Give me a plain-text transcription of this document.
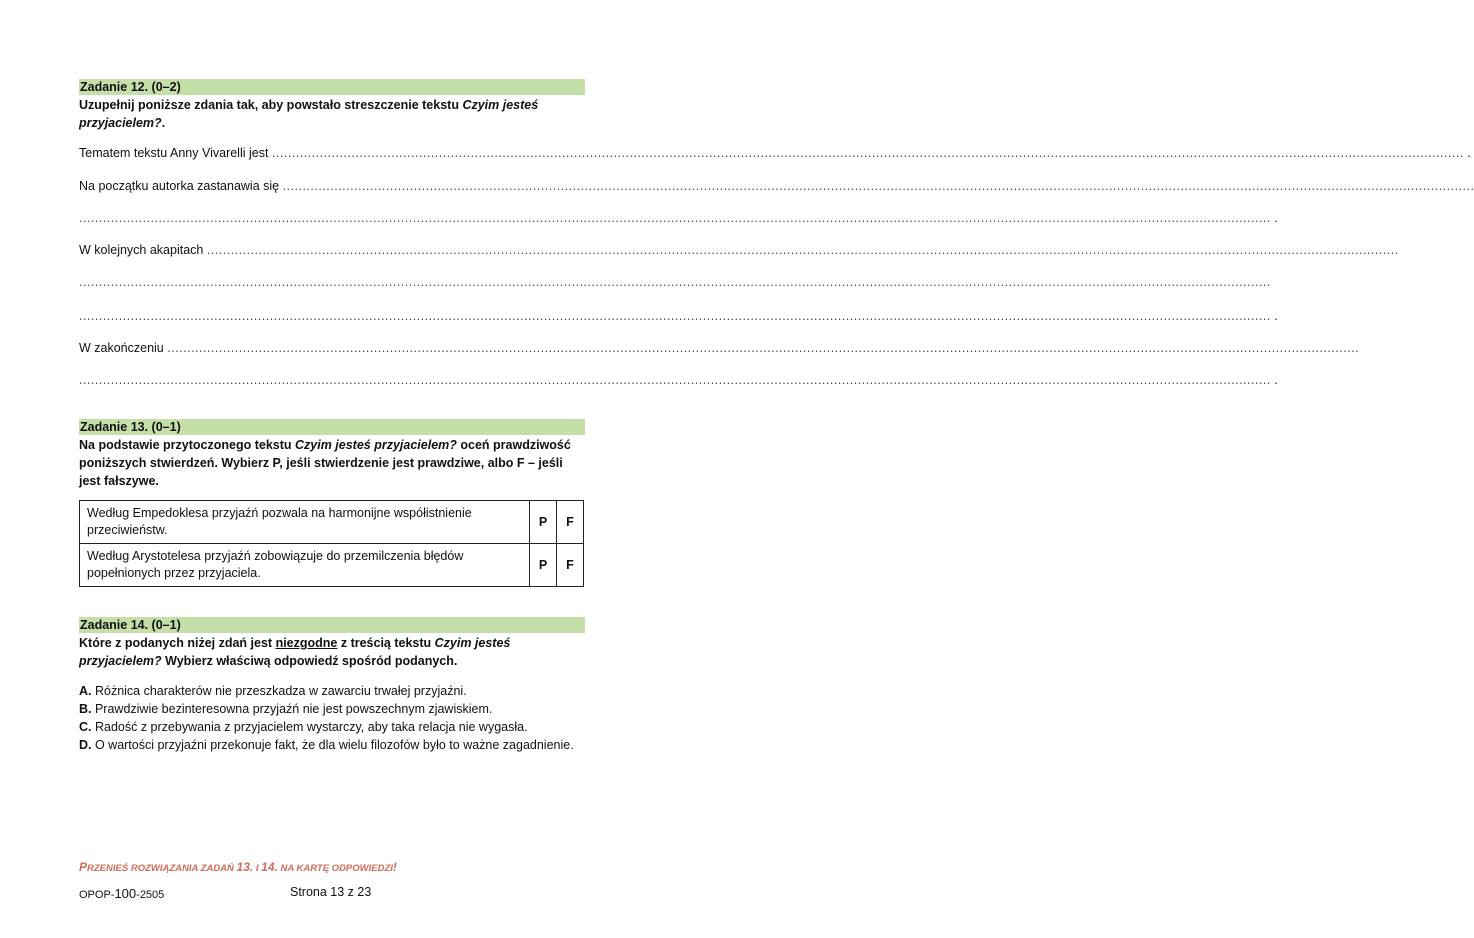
Zadanie 12. (0–2)
Uzupełnij poniższe zdania tak, aby powstało streszczenie tekstu Czyim jesteś przyjacielem?.
Tematem tekstu Anny Vivarelli jest ............................................................................................................................................................................................................................................................................................................ .
Na początku autorka zastanawia się ............................................................................................................................................................................................................................................................................................................
............................................................................................................................................................................................................................................................................................................ .
W kolejnych akapitach ............................................................................................................................................................................................................................................................................................................
............................................................................................................................................................................................................................................................................................................
............................................................................................................................................................................................................................................................................................................ .
W zakończeniu ............................................................................................................................................................................................................................................................................................................
............................................................................................................................................................................................................................................................................................................ .
Zadanie 13. (0–1)
Na podstawie przytoczonego tekstu Czyim jesteś przyjacielem? oceń prawdziwość poniższych stwierdzeń. Wybierz P, jeśli stwierdzenie jest prawdziwe, albo F – jeśli jest fałszywe.
Według Empedoklesa przyjaźń pozwala na harmonijne współistnienie przeciwieństw.	P	F
Według Arystotelesa przyjaźń zobowiązuje do przemilczenia błędów popełnionych przez przyjaciela.	P	F
Zadanie 14. (0–1)
Które z podanych niżej zdań jest niezgodne z treścią tekstu Czyim jesteś przyjacielem? Wybierz właściwą odpowiedź spośród podanych.
A. Różnica charakterów nie przeszkadza w zawarciu trwałej przyjaźni.
B. Prawdziwie bezinteresowna przyjaźń nie jest powszechnym zjawiskiem.
C. Radość z przebywania z przyjacielem wystarczy, aby taka relacja nie wygasła.
D. O wartości przyjaźni przekonuje fakt, że dla wielu filozofów było to ważne zagadnienie.
PRZENIEŚ ROZWIĄZANIA ZADAŃ 13. I 14. NA KARTĘ ODPOWIEDZI!
OPOP-100-2505	Strona 13 z 23
